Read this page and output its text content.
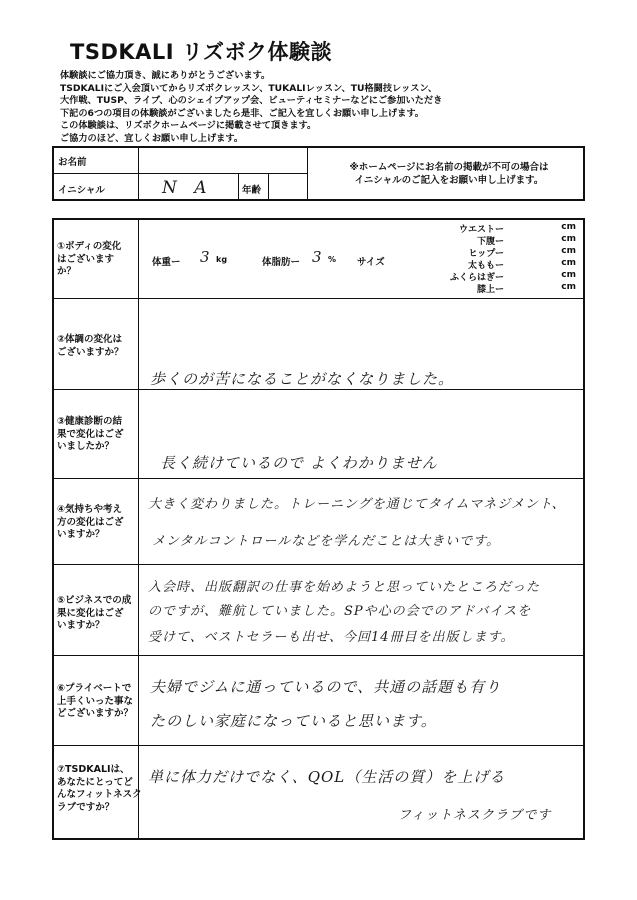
TSDKALI リズボク体験談
体験談にご協力頂き、誠にありがとうございます。
TSDKALIにご入会頂いてからリズボクレッスン、TUKALIレッスン、TU格闘技レッスン、
大作戦、TUSP、ライブ、心のシェイプアップ会、ビューティセミナーなどにご参加いただき
下記の6つの項目の体験談がございましたら是非、ご記入を宜しくお願い申し上げます。
この体験談は、リズボクホームページに掲載させて頂きます。
ご協力のほど、宜しくお願い申し上げます。
お名前
イニシャル	N A	年齢
※ホームページにお名前の掲載が不可の場合は
イニシャルのご記入をお願い申し上げます。
①ボディの変化
はございます
か？
体重ー 3 kg	体脂肪ー 3 % サイズ
ウエストー	cm
下腹ー	cm
ヒップー	cm
太ももー	cm
ふくらはぎー	cm
膝上ー	cm
②体調の変化は
ございますか？
歩くのが苦になることがなくなりました。
③健康診断の結
果で変化はござ
いましたか？
長く続けているので よくわかりません
④気持ちや考え
方の変化はござ
いますか？
大きく変わりました。トレーニングを通じてタイムマネジメント、
メンタルコントロールなどを学んだことは大きいです。
⑤ビジネスでの成
果に変化はござ
いますか？
入会時、出版翻訳の仕事を始めようと思っていたところだった
のですが、難航していました。SPや心の会でのアドバイスを
受けて、ベストセラーも出せ、今回14冊目を出版します。
⑥プライベートで
上手くいった事な
どございますか？
夫婦でジムに通っているので、共通の話題も有り
たのしい家庭になっていると思います。
⑦TSDKALIは、
あなたにとってど
んなフィットネスク
ラブですか？
単に体力だけでなく、QOL（生活の質）を上げる
フィットネスクラブです
